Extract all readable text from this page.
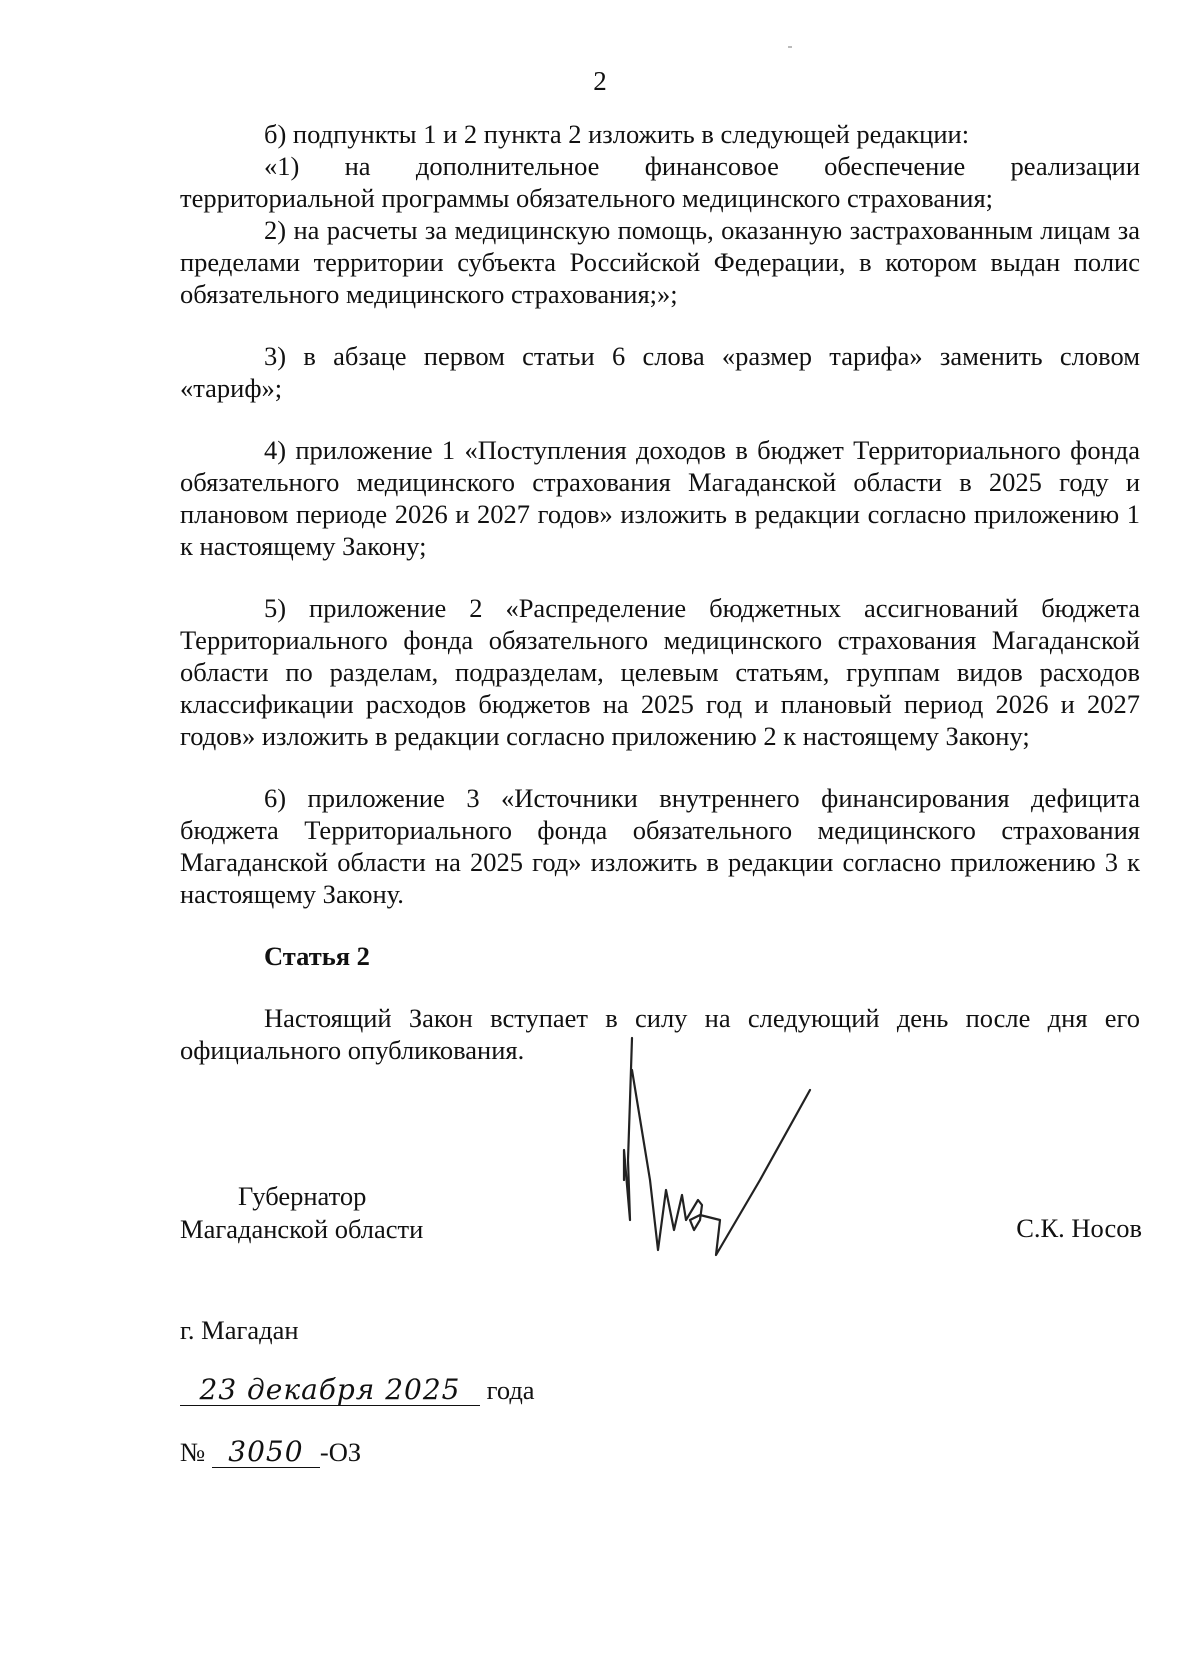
2

б) подпункты 1 и 2 пункта 2 изложить в следующей редакции:

«1) на дополнительное финансовое обеспечение реализации территориальной программы обязательного медицинского страхования;

2) на расчеты за медицинскую помощь, оказанную застрахованным лицам за пределами территории субъекта Российской Федерации, в котором выдан полис обязательного медицинского страхования;»;

3) в абзаце первом статьи 6 слова «размер тарифа» заменить словом «тариф»;

4) приложение 1 «Поступления доходов в бюджет Территориального фонда обязательного медицинского страхования Магаданской области в 2025 году и плановом периоде 2026 и 2027 годов» изложить в редакции согласно приложению 1 к настоящему Закону;

5) приложение 2 «Распределение бюджетных ассигнований бюджета Территориального фонда обязательного медицинского страхования Магаданской области по разделам, подразделам, целевым статьям, группам видов расходов классификации расходов бюджетов на 2025 год и плановый период 2026 и 2027 годов» изложить в редакции согласно приложению 2 к настоящему Закону;

6) приложение 3 «Источники внутреннего финансирования дефицита бюджета Территориального фонда обязательного медицинского страхования Магаданской области на 2025 год» изложить в редакции согласно приложению 3 к настоящему Закону.

Статья 2

Настоящий Закон вступает в силу на следующий день после дня его официального опубликования.

Губернатор
Магаданской области	С.К. Носов
г. Магадан
23 декабря 2025 года
№ 3050 -ОЗ
